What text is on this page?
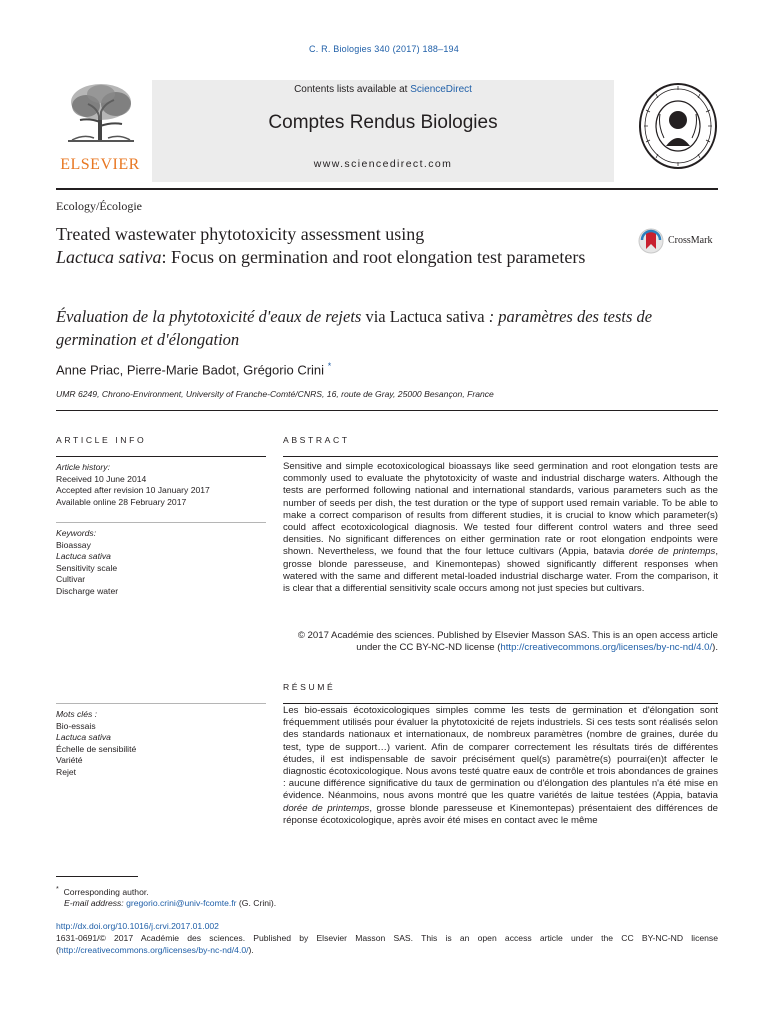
C. R. Biologies 340 (2017) 188–194
ELSEVIER
Contents lists available at ScienceDirect
Comptes Rendus Biologies
www.sciencedirect.com
Ecology/Écologie
Treated wastewater phytotoxicity assessment using
Lactuca sativa: Focus on germination and root elongation test parameters
CrossMark
Évaluation de la phytotoxicité d'eaux de rejets via Lactuca sativa : paramètres des tests de germination et d'élongation
Anne Priac, Pierre-Marie Badot, Grégorio Crini *
UMR 6249, Chrono-Environment, University of Franche-Comté/CNRS, 16, route de Gray, 25000 Besançon, France
ARTICLE INFO
Article history:
Received 10 June 2014
Accepted after revision 10 January 2017
Available online 28 February 2017
Keywords:
Bioassay
Lactuca sativa
Sensitivity scale
Cultivar
Discharge water
Mots clés :
Bio-essais
Lactuca sativa
Échelle de sensibilité
Variété
Rejet
ABSTRACT
Sensitive and simple ecotoxicological bioassays like seed germination and root elongation tests are commonly used to evaluate the phytotoxicity of waste and industrial discharge waters. Although the tests are performed following national and international standards, various parameters such as the number of seeds per dish, the test duration or the type of support used remain variable. To be able to make a correct comparison of results from different studies, it is crucial to know which parameter(s) could affect ecotoxicological diagnosis. We tested four different control waters and three seed densities. No significant differences on either germination rate or root elongation endpoints were shown. Nevertheless, we found that the four lettuce cultivars (Appia, batavia dorée de printemps, grosse blonde paresseuse, and Kinemontepas) showed significantly different responses when watered with the same and different metal-loaded industrial discharge water. From the comparison, it is clear that a differential sensitivity scale occurs among not just species but cultivars.
© 2017 Académie des sciences. Published by Elsevier Masson SAS. This is an open access article under the CC BY-NC-ND license (http://creativecommons.org/licenses/by-nc-nd/4.0/).
RÉSUMÉ
Les bio-essais écotoxicologiques simples comme les tests de germination et d'élongation sont fréquemment utilisés pour évaluer la phytotoxicité de rejets industriels. Si ces tests sont réalisés selon des standards nationaux et internationaux, de nombreux paramètres (nombre de graines, durée du test, type de support…) varient. Afin de comparer correctement les résultats tirés de différentes études, il est indispensable de savoir précisément quel(s) paramètre(s) pourrai(en)t affecter le diagnostic écotoxicologique. Nous avons testé quatre eaux de contrôle et trois abondances de graines : aucune différence significative du taux de germination ou d'élongation des plantules n'a été mise en évidence. Néanmoins, nous avons montré que les quatre variétés de laitue testées (Appia, batavia dorée de printemps, grosse blonde paresseuse et Kinemontepas) présentaient des différences de réponse écotoxicologique, après avoir été mises en contact avec le même
* Corresponding author.
E-mail address: gregorio.crini@univ-fcomte.fr (G. Crini).
http://dx.doi.org/10.1016/j.crvi.2017.01.002
1631-0691/© 2017 Académie des sciences. Published by Elsevier Masson SAS. This is an open access article under the CC BY-NC-ND license (http://creativecommons.org/licenses/by-nc-nd/4.0/).
